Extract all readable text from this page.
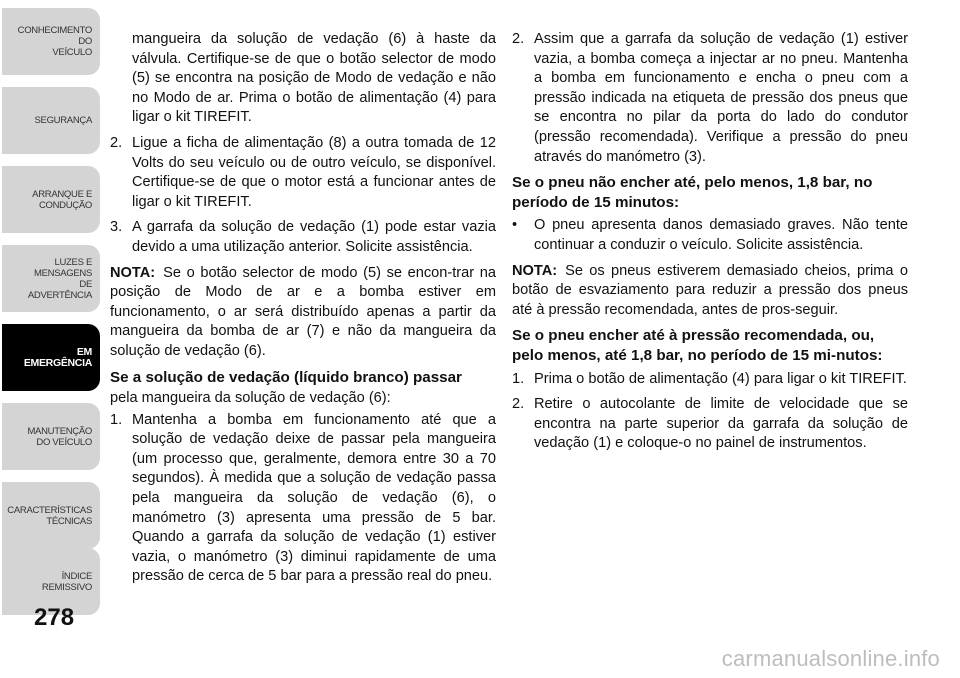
CONHECIMENTO
DO
VEÍCULO
SEGURANÇA
ARRANQUE E
CONDUÇÃO
LUZES E
MENSAGENS
DE
ADVERTÊNCIA
EM
EMERGÊNCIA
MANUTENÇÃO
DO VEÍCULO
CARACTERÍSTICAS
TÉCNICAS
ÍNDICE
REMISSIVO
278

mangueira da solução de vedação (6) à haste da válvula. Certifique-se de que o botão selector de modo (5) se encontra na posição de Modo de vedação e não no Modo de ar. Prima o botão de alimentação (4) para ligar o kit TIREFIT.

2. Ligue a ficha de alimentação (8) a outra tomada de 12 Volts do seu veículo ou de outro veículo, se disponível. Certifique-se de que o motor está a funcionar antes de ligar o kit TIREFIT.
3. A garrafa da solução de vedação (1) pode estar vazia devido a uma utilização anterior. Solicite assistência.

NOTA: Se o botão selector de modo (5) se encon-trar na posição de Modo de ar e a bomba estiver em funcionamento, o ar será distribuído apenas a partir da mangueira da bomba de ar (7) e não da mangueira da solução de vedação (6).

Se a solução de vedação (líquido branco) passar

pela mangueira da solução de vedação (6):

1. Mantenha a bomba em funcionamento até que a solução de vedação deixe de passar pela mangueira (um processo que, geralmente, demora entre 30 a 70 segundos). À medida que a solução de vedação passa pela mangueira da solução de vedação (6), o manómetro (3) apresenta uma pressão de 5 bar. Quando a garrafa da solução de vedação (1) estiver vazia, o manómetro (3) diminui rapidamente de uma pressão de cerca de 5 bar para a pressão real do pneu.
2. Assim que a garrafa da solução de vedação (1) estiver vazia, a bomba começa a injectar ar no pneu. Mantenha a bomba em funcionamento e encha o pneu com a pressão indicada na etiqueta de pressão dos pneus que se encontra no pilar da porta do lado do condutor (pressão recomendada). Verifique a pressão do pneu através do manómetro (3).
Se o pneu não encher até, pelo menos, 1,8 bar, no período de 15 minutos:
•	O pneu apresenta danos demasiado graves. Não tente continuar a conduzir o veículo. Solicite assistência.

NOTA: Se os pneus estiverem demasiado cheios, prima o botão de esvaziamento para reduzir a pressão dos pneus até à pressão recomendada, antes de pros-seguir.

Se o pneu encher até à pressão recomendada, ou, pelo menos, até 1,8 bar, no período de 15 mi-nutos:
1. Prima o botão de alimentação (4) para ligar o kit TIREFIT.
2. Retire o autocolante de limite de velocidade que se encontra na parte superior da garrafa da solução de vedação (1) e coloque-o no painel de instrumentos.
carmanualsonline.info
